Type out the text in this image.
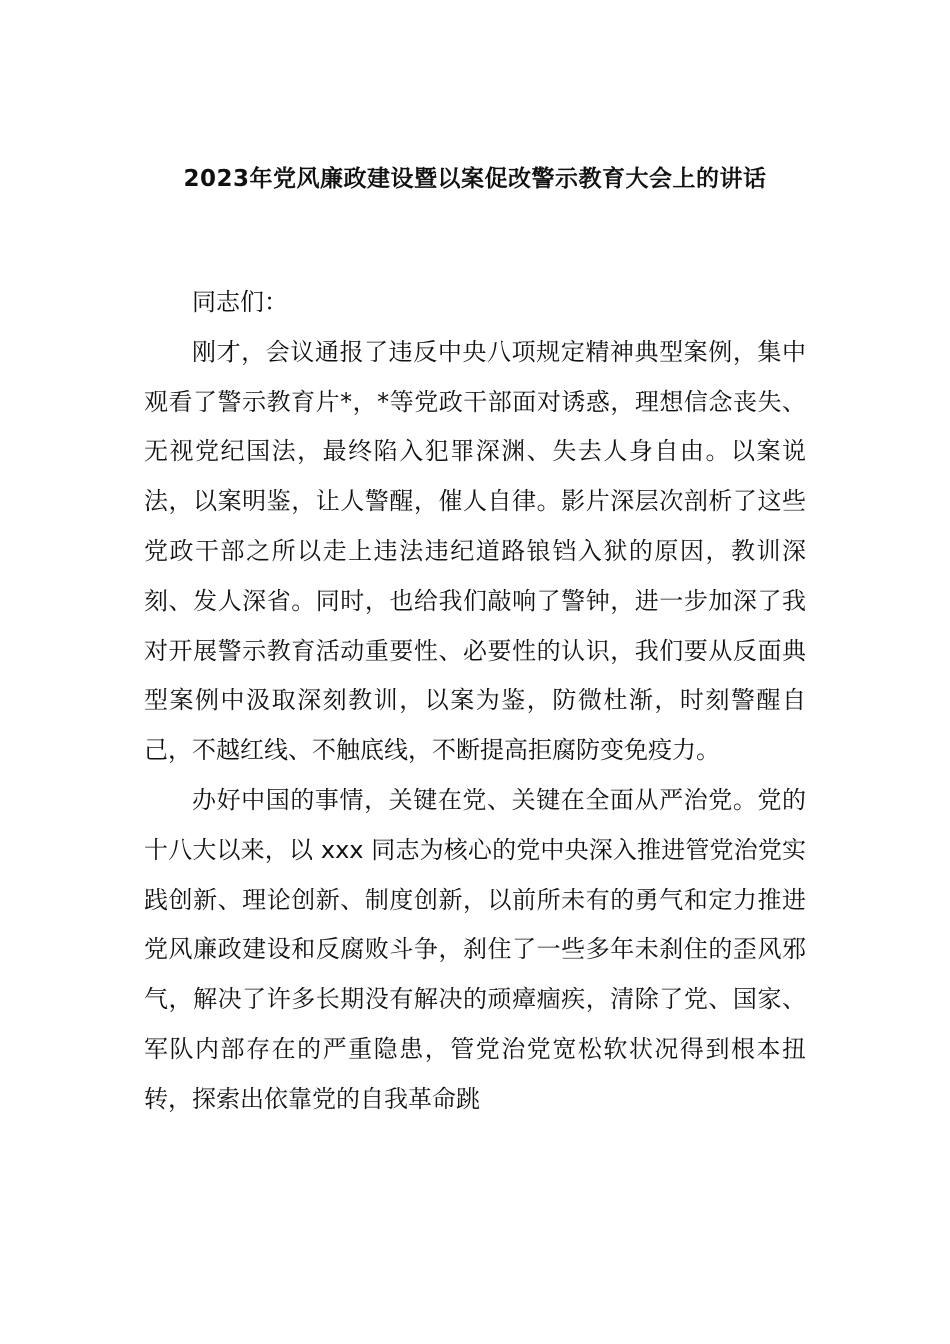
2023年党风廉政建设暨以案促改警示教育大会上的讲话

同志们：

刚才，会议通报了违反中央八项规定精神典型案例，集中观看了警示教育片*，*等党政干部面对诱惑，理想信念丧失、无视党纪国法，最终陷入犯罪深渊、失去人身自由。以案说法，以案明鉴，让人警醒，催人自律。影片深层次剖析了这些党政干部之所以走上违法违纪道路锒铛入狱的原因，教训深刻、发人深省。同时，也给我们敲响了警钟，进一步加深了我对开展警示教育活动重要性、必要性的认识，我们要从反面典型案例中汲取深刻教训，以案为鉴，防微杜渐，时刻警醒自己，不越红线、不触底线，不断提高拒腐防变免疫力。

办好中国的事情，关键在党、关键在全面从严治党。党的十八大以来，以 xxx 同志为核心的党中央深入推进管党治党实践创新、理论创新、制度创新，以前所未有的勇气和定力推进党风廉政建设和反腐败斗争，刹住了一些多年未刹住的歪风邪气，解决了许多长期没有解决的顽瘴痼疾，清除了党、国家、军队内部存在的严重隐患，管党治党宽松软状况得到根本扭转，探索出依靠党的自我革命跳
